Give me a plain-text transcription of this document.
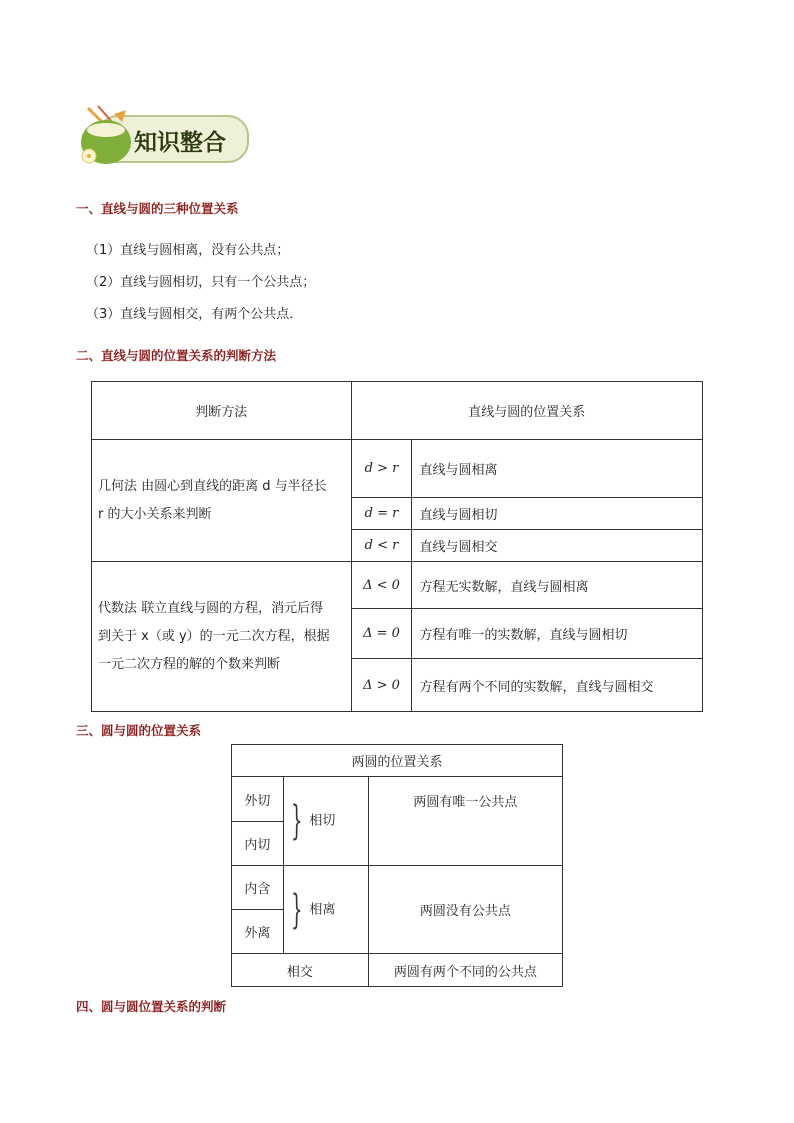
知识整合
一、直线与圆的三种位置关系
（1）直线与圆相离，没有公共点；
（2）直线与圆相切，只有一个公共点；
（3）直线与圆相交，有两个公共点．
二、直线与圆的位置关系的判断方法
判断方法	直线与圆的位置关系	

几何法 由圆心到直线的距离 d 与半径长
r 的大小关系来判断	d > r	直线与圆相离
	d = r	直线与圆相切
	d < r	直线与圆相交

代数法 联立直线与圆的方程，消元后得
到关于 x（或 y）的一元二次方程，根据
一元二次方程的解的个数来判断	Δ < 0	方程无实数解，直线与圆相离
	Δ = 0	方程有唯一的实数解，直线与圆相切
	Δ > 0	方程有两个不同的实数解，直线与圆相交
三、圆与圆的位置关系
两圆的位置关系		
外切	} 相切	两圆有唯一公共点
内切		
内含	} 相离	两圆没有公共点
外离		
相交		两圆有两个不同的公共点
四、圆与圆位置关系的判断
